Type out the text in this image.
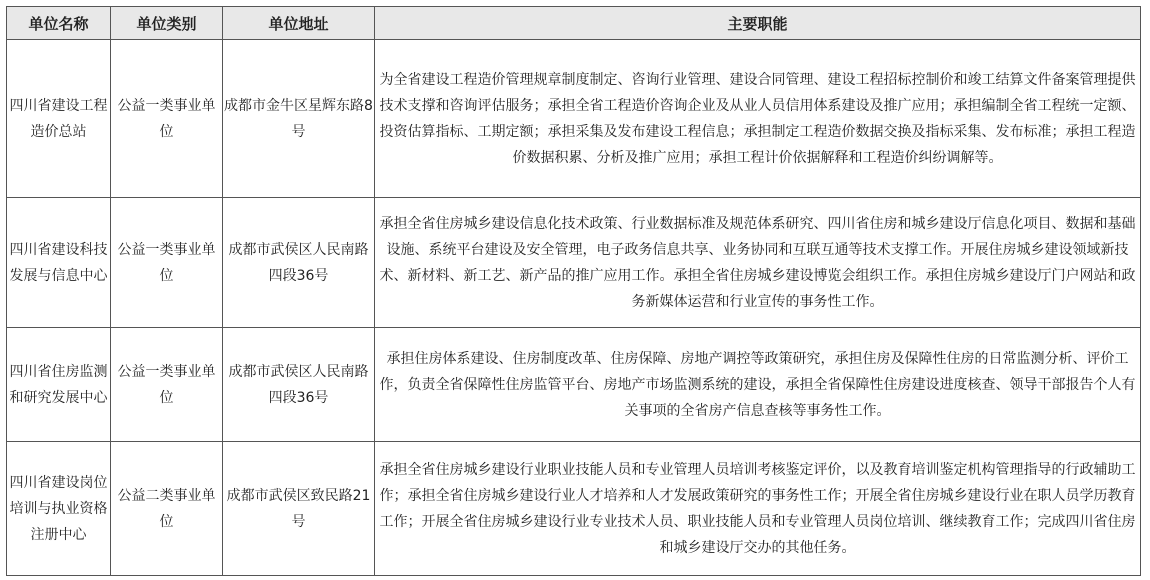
单位名称	单位类别	单位地址	主要职能
四川省建设工程造价总站	公益一类事业单位	成都市金牛区星辉东路8号	为全省建设工程造价管理规章制度制定、咨询行业管理、建设合同管理、建设工程招标控制价和竣工结算文件备案管理提供技术支撑和咨询评估服务；承担全省工程造价咨询企业及从业人员信用体系建设及推广应用；承担编制全省工程统一定额、投资估算指标、工期定额；承担采集及发布建设工程信息；承担制定工程造价数据交换及指标采集、发布标准；承担工程造价数据积累、分析及推广应用；承担工程计价依据解释和工程造价纠纷调解等。
四川省建设科技发展与信息中心	公益一类事业单位	成都市武侯区人民南路四段36号	承担全省住房城乡建设信息化技术政策、行业数据标准及规范体系研究、四川省住房和城乡建设厅信息化项目、数据和基础设施、系统平台建设及安全管理，电子政务信息共享、业务协同和互联互通等技术支撑工作。开展住房城乡建设领域新技术、新材料、新工艺、新产品的推广应用工作。承担全省住房城乡建设博览会组织工作。承担住房城乡建设厅门户网站和政务新媒体运营和行业宣传的事务性工作。
四川省住房监测和研究发展中心	公益一类事业单位	成都市武侯区人民南路四段36号	承担住房体系建设、住房制度改革、住房保障、房地产调控等政策研究，承担住房及保障性住房的日常监测分析、评价工作，负责全省保障性住房监管平台、房地产市场监测系统的建设，承担全省保障性住房建设进度核查、领导干部报告个人有关事项的全省房产信息查核等事务性工作。
四川省建设岗位培训与执业资格注册中心	公益二类事业单位	成都市武侯区致民路21号	承担全省住房城乡建设行业职业技能人员和专业管理人员培训考核鉴定评价，以及教育培训鉴定机构管理指导的行政辅助工作；承担全省住房城乡建设行业人才培养和人才发展政策研究的事务性工作；开展全省住房城乡建设行业在职人员学历教育工作；开展全省住房城乡建设行业专业技术人员、职业技能人员和专业管理人员岗位培训、继续教育工作；完成四川省住房和城乡建设厅交办的其他任务。
